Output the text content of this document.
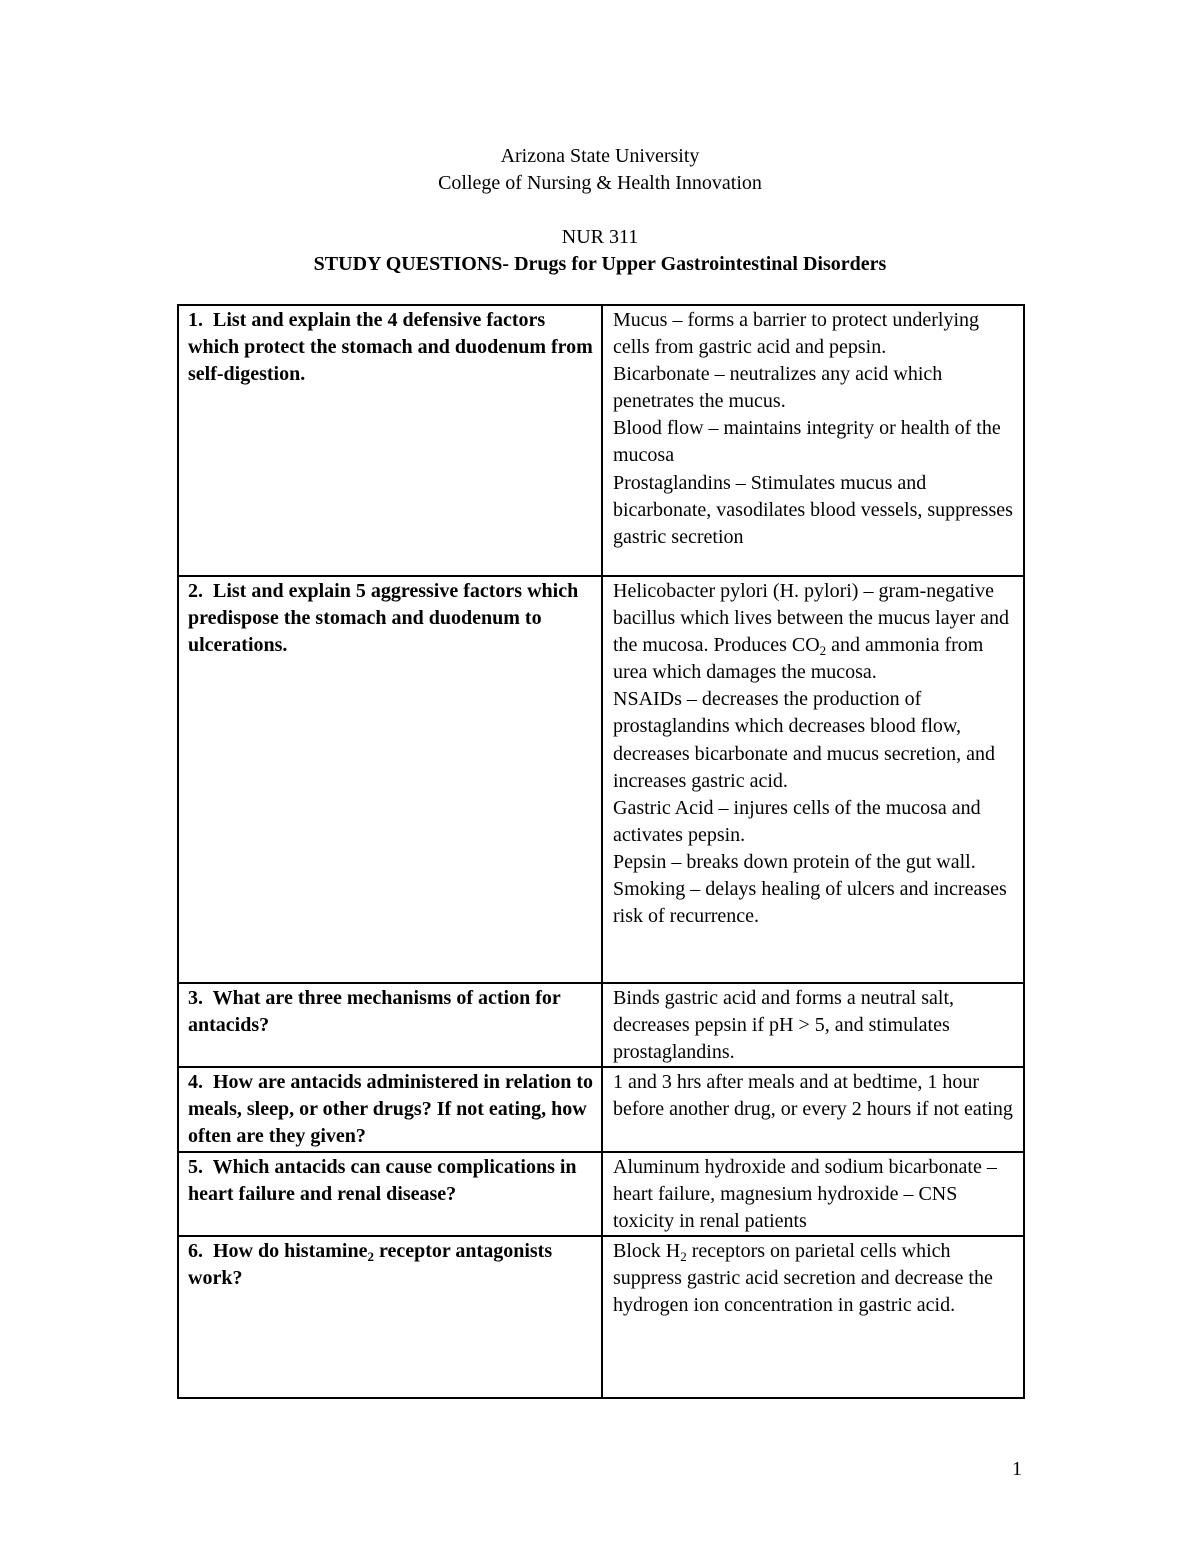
Arizona State University
College of Nursing & Health Innovation
NUR 311
STUDY QUESTIONS- Drugs for Upper Gastrointestinal Disorders
1. List and explain the 4 defensive factors which protect the stomach and duodenum from self-digestion.	Mucus – forms a barrier to protect underlying cells from gastric acid and pepsin.
Bicarbonate – neutralizes any acid which penetrates the mucus.
Blood flow – maintains integrity or health of the mucosa
Prostaglandins – Stimulates mucus and bicarbonate, vasodilates blood vessels, suppresses gastric secretion

2. List and explain 5 aggressive factors which predispose the stomach and duodenum to ulcerations.	Helicobacter pylori (H. pylori) – gram-negative bacillus which lives between the mucus layer and the mucosa. Produces $CO_2$ and ammonia from urea which damages the mucosa.
NSAIDs – decreases the production of prostaglandins which decreases blood flow, decreases bicarbonate and mucus secretion, and increases gastric acid.
Gastric Acid – injures cells of the mucosa and activates pepsin.
Pepsin – breaks down protein of the gut wall.
Smoking – delays healing of ulcers and increases risk of recurrence.

3. What are three mechanisms of action for antacids?	Binds gastric acid and forms a neutral salt, decreases pepsin if pH > 5, and stimulates prostaglandins.
4. How are antacids administered in relation to meals, sleep, or other drugs? If not eating, how often are they given?	1 and 3 hrs after meals and at bedtime, 1 hour before another drug, or every 2 hours if not eating
5. Which antacids can cause complications in heart failure and renal disease?	Aluminum hydroxide and sodium bicarbonate – heart failure, magnesium hydroxide – CNS toxicity in renal patients
6. How do histamine$_2$ receptor antagonists work?	Block $H_2$ receptors on parietal cells which suppress gastric acid secretion and decrease the hydrogen ion concentration in gastric acid.
1
